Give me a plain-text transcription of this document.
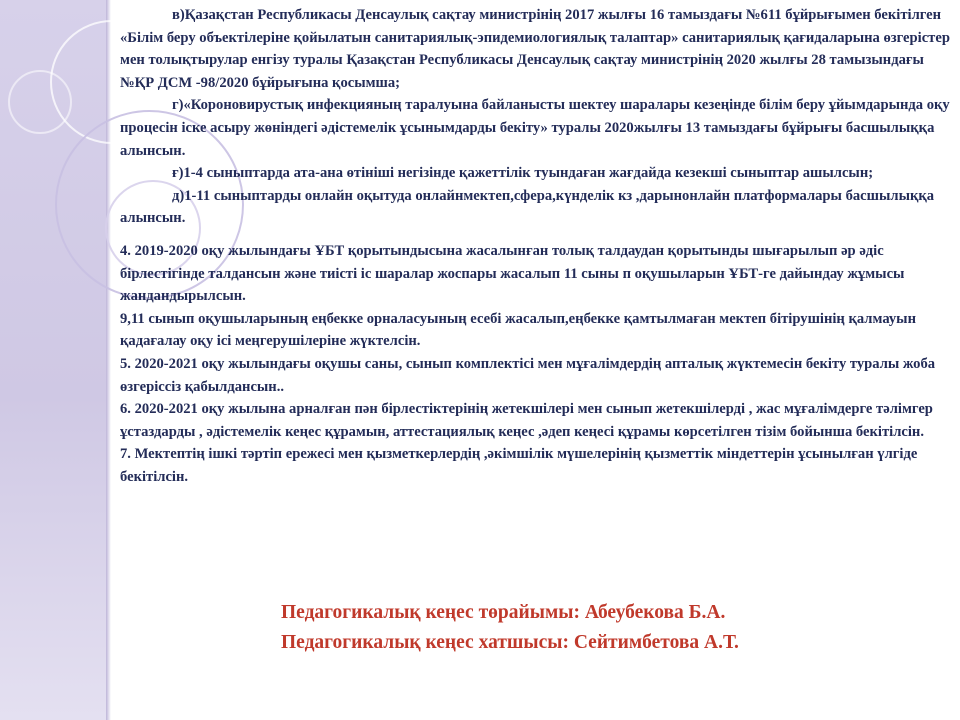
в)Қазақстан Республикасы Денсаулық сақтау министрінің 2017 жылғы 16 тамыздағы №611 бұйрығымен бекітілген «Білім беру объектілеріне қойылатын санитариялық-эпидемиологиялық талаптар» санитариялық қағидаларына өзгерістер мен толықтырулар енгізу туралы Қазақстан Республикасы Денсаулық сақтау министрінің 2020 жылғы 28 тамызындағы №ҚР ДСМ -98/2020 бұйрығына қосымша;

г)«Короновирустық инфекцияның таралуына байланысты шектеу шаралары кезеңінде білім беру ұйымдарында оқу процесін іске асыру жөніндегі әдістемелік ұсынымдарды бекіту» туралы 2020жылғы 13 тамыздағы бұйрығы басшылыққа алынсын.

ғ)1-4 сыныптарда ата-ана өтініші негізінде қажеттілік туындаған жағдайда кезекші сыныптар ашылсын;

д)1-11 сыныптарды онлайн оқытуда онлайнмектеп,сфера,күнделік кз ,дарынонлайн платформалары басшылыққа алынсын.

4. 2019-2020 оқу жылындағы ҰБТ қорытындысына жасалынған толық талдаудан қорытынды шығарылып әр әдіс бірлестігінде талдансын және тиісті іс шаралар жоспары жасалып 11 сыны п оқушыларын ҰБТ-ге дайындау жұмысы жандандырылсын.

9,11 сынып оқушыларының еңбекке орналасуының есебі жасалып,еңбекке қамтылмаған мектеп бітірушінің қалмауын қадағалау оқу ісі меңгерушілеріне жүктелсін.

5. 2020-2021 оқу жылындағы оқушы саны, сынып комплектісі мен мұғалімдердің апталық жүктемесін бекіту туралы жоба өзгеріссіз қабылдансын..

6. 2020-2021 оқу жылына арналған пән бірлестіктерінің жетекшілері мен сынып жетекшілерді , жас мұғалімдерге тәлімгер ұстаздарды , әдістемелік кеңес құрамын, аттестациялық кеңес ,әдеп кеңесі құрамы көрсетілген тізім бойынша бекітілсін.

7. Мектептің ішкі тәртіп ережесі мен қызметкерлердің ,әкімшілік мүшелерінің қызметтік міндеттерін ұсынылған үлгіде бекітілсін.

Педагогикалық кеңес төрайымы: Абеубекова Б.А.

Педагогикалық кеңес хатшысы: Сейтимбетова А.Т.
